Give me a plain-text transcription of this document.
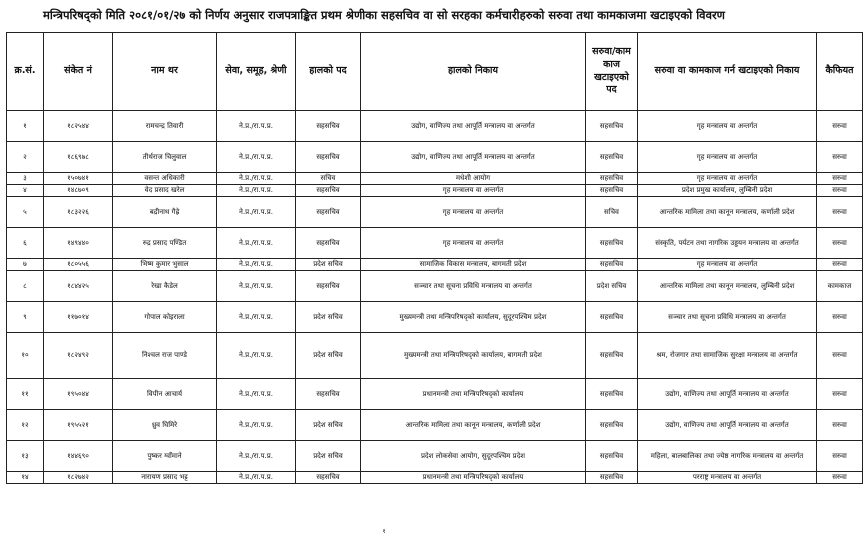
मन्त्रिपरिषद्को मिति २०८१/०१/२७ को निर्णय अनुसार राजपत्राङ्कित प्रथम श्रेणीका सहसचिव वा सो सरहका कर्मचारीहरुको सरुवा तथा कामकाजमा खटाइएको विवरण
क्र.सं.	संकेत नं	नाम थर	सेवा, समूह, श्रेणी	हालको पद	हालको निकाय	सरुवा/काम काज खटाइएको पद	सरुवा वा कामकाज गर्न खटाइएको निकाय	कैफियत
१	१८२५४४	रामचन्द्र तिवारी	ने.प्र./रा.प.प्र.	सहसचिव	उद्योग, वाणिज्य तथा आपूर्ति मन्त्रालय वा अन्तर्गत	सहसचिव	गृह मन्त्रालय वा अन्तर्गत	सरुवा
२	१८६९७८	तीर्थराज चिलुवाल	ने.प्र./रा.प.प्र.	सहसचिव	उद्योग, वाणिज्य तथा आपूर्ति मन्त्रालय वा अन्तर्गत	सहसचिव	गृह मन्त्रालय वा अन्तर्गत	सरुवा
३	१५०७४१	वसन्त अधिकारी	ने.प्र./रा.प.प्र.	सचिव	मधेशी आयोग	सहसचिव	गृह मन्त्रालय वा अन्तर्गत	सरुवा
४	१४८७०९	वेद प्रसाद खरेल	ने.प्र./रा.प.प्र.	सहसचिव	गृह मन्त्रालय वा अन्तर्गत	सहसचिव	प्रदेश प्रमुख कार्यालय, लुम्बिनी प्रदेश	सरुवा
५	१८३२२६	बद्रीनाथ गैह्रे	ने.प्र./रा.प.प्र.	सहसचिव	गृह मन्त्रालय वा अन्तर्गत	सचिव	आन्तरिक मामिला तथा कानून मन्त्रालय, कर्णाली प्रदेश	सरुवा
६	१४९४४०	रुद्र प्रसाद पण्डित	ने.प्र./रा.प.प्र.	सहसचिव	गृह मन्त्रालय वा अन्तर्गत	सहसचिव	संस्कृति, पर्यटन तथा नागरिक उड्डयन मन्त्रालय वा अन्तर्गत	सरुवा
७	१८०५५६	भिष्म कुमार भुसाल	ने.प्र./रा.प.प्र.	प्रदेश सचिव	सामाजिक विकास मन्त्रालय, बागमती प्रदेश	सहसचिव	गृह मन्त्रालय वा अन्तर्गत	सरुवा
८	१८४४२५	रेखा कैडेल	ने.प्र./रा.प.प्र.	सहसचिव	सञ्चार तथा सूचना प्रविधि मन्त्रालय वा अन्तर्गत	प्रदेश सचिव	आन्तरिक मामिला तथा कानून मन्त्रालय, लुम्बिनी प्रदेश	कामकाज
९	११७०१४	गोपाल कोइराला	ने.प्र./रा.प.प्र.	प्रदेश सचिव	मुख्यमन्त्री तथा मन्त्रिपरिषद्को कार्यालय, सुदूरपश्चिम प्रदेश	सहसचिव	सञ्चार तथा सूचना प्रविधि मन्त्रालय वा अन्तर्गत	सरुवा
१०	१८२४९२	निश्चल राज पाण्डे	ने.प्र./रा.प.प्र.	प्रदेश सचिव	मुख्यमन्त्री तथा मन्त्रिपरिषद्को कार्यालय, बागमती प्रदेश	सहसचिव	श्रम, रोजगार तथा सामाजिक सुरक्षा मन्त्रालय वा अन्तर्गत	सरुवा
११	१९५०४४	विपीन आचार्य	ने.प्र./रा.प.प्र.	सहसचिव	प्रधानमन्त्री तथा मन्त्रिपरिषद्को कार्यालय	सहसचिव	उद्योग, वाणिज्य तथा आपूर्ति मन्त्रालय वा अन्तर्गत	सरुवा
१२	१९५५२१	ध्रुव घिमिरे	ने.प्र./रा.प.प्र.	प्रदेश सचिव	आन्तरिक मामिला तथा कानून मन्त्रालय, कर्णाली प्रदेश	सहसचिव	उद्योग, वाणिज्य तथा आपूर्ति मन्त्रालय वा अन्तर्गत	सरुवा
१३	१४४६९०	पुष्कर ग्वाँमाने	ने.प्र./रा.प.प्र.	प्रदेश सचिव	प्रदेश लोकसेवा आयोग, सुदूरपश्चिम प्रदेश	सहसचिव	महिला, बालबालिका तथा ज्येष्ठ नागरिक मन्त्रालय वा अन्तर्गत	सरुवा
१४	१८२७४२	नारायण प्रसाद भट्ट	ने.प्र./रा.प.प्र.	सहसचिव	प्रधानमन्त्री तथा मन्त्रिपरिषद्को कार्यालय	सहसचिव	परराष्ट्र मन्त्रालय वा अन्तर्गत	सरुवा
१
